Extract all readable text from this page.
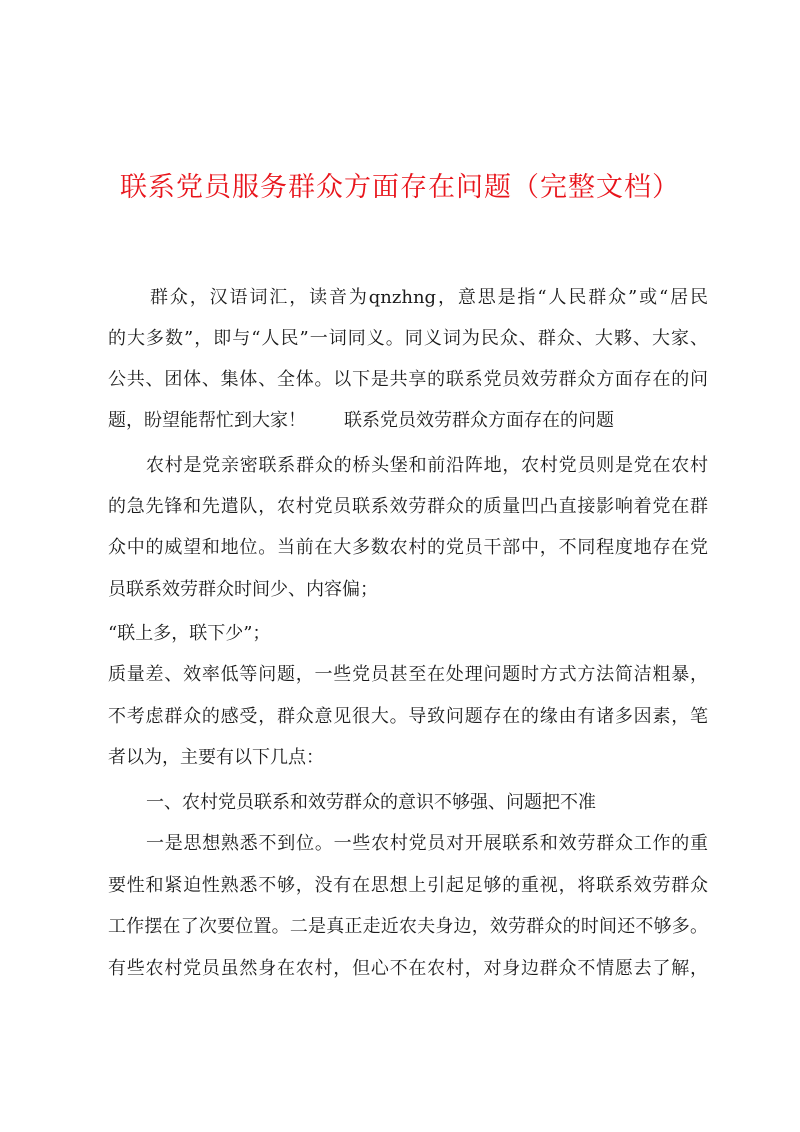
联系党员服务群众方面存在问题（完整文档）
群众，汉语词汇，读音为qnzhng，意思是指“人民群众”或“居民
的大多数”，即与“人民”一词同义。同义词为民众、群众、大夥、大家、
公共、团体、集体、全体。以下是共享的联系党员效劳群众方面存在的问
题，盼望能帮忙到大家！ 联系党员效劳群众方面存在的问题
农村是党亲密联系群众的桥头堡和前沿阵地，农村党员则是党在农村
的急先锋和先遣队，农村党员联系效劳群众的质量凹凸直接影响着党在群
众中的威望和地位。当前在大多数农村的党员干部中，不同程度地存在党
员联系效劳群众时间少、内容偏；
“联上多，联下少”；
质量差、效率低等问题，一些党员甚至在处理问题时方式方法简洁粗暴，
不考虑群众的感受，群众意见很大。导致问题存在的缘由有诸多因素，笔
者以为，主要有以下几点：
一、农村党员联系和效劳群众的意识不够强、问题把不准
一是思想熟悉不到位。一些农村党员对开展联系和效劳群众工作的重
要性和紧迫性熟悉不够，没有在思想上引起足够的重视，将联系效劳群众
工作摆在了次要位置。二是真正走近农夫身边，效劳群众的时间还不够多。
有些农村党员虽然身在农村，但心不在农村，对身边群众不情愿去了解，
